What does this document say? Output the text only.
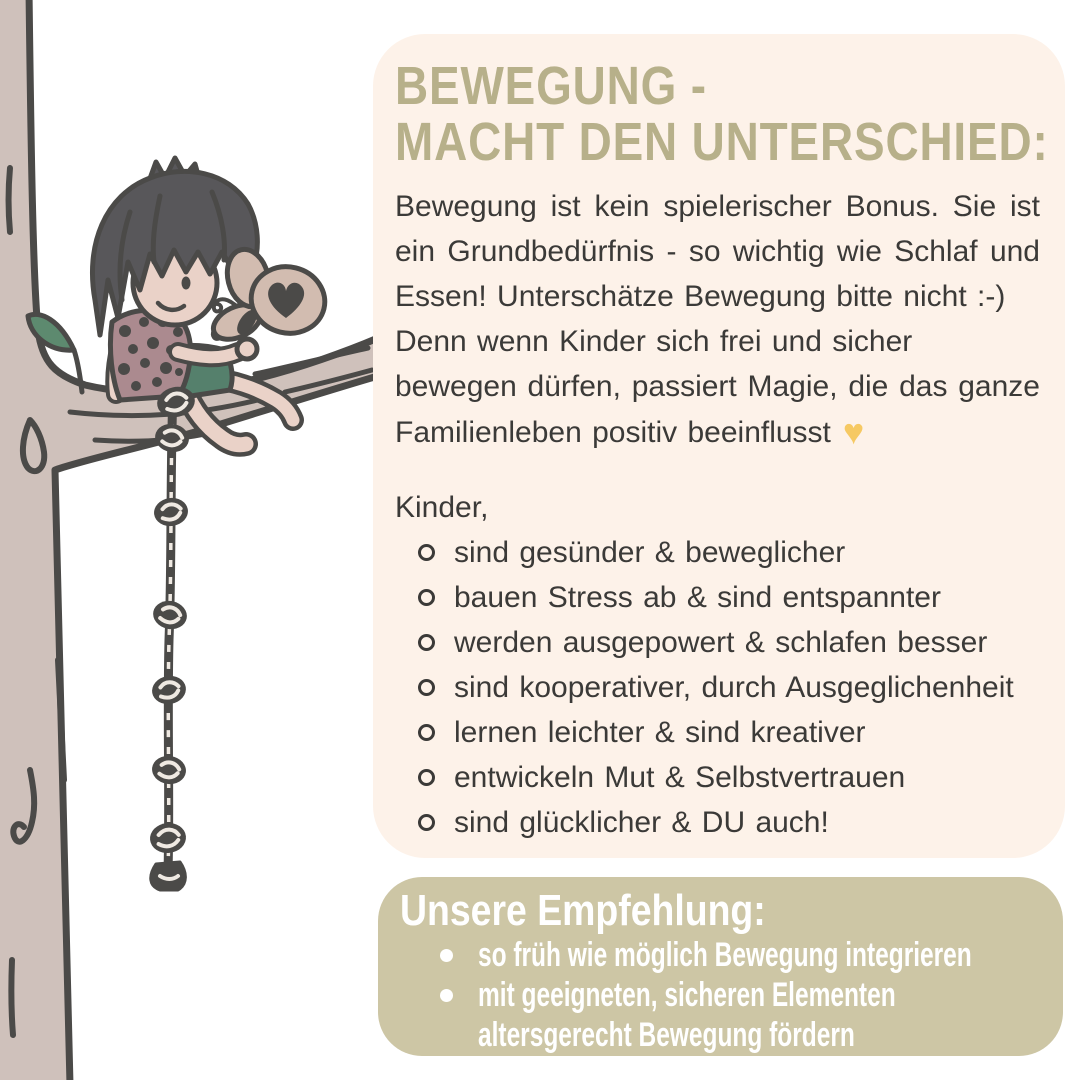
BEWEGUNG -
MACHT DEN UNTERSCHIED:
Bewegung ist kein spielerischer Bonus. Sie ist
ein Grundbedürfnis - so wichtig wie Schlaf und
Essen! Unterschätze Bewegung bitte nicht :-)
Denn wenn Kinder sich frei und sicher
bewegen dürfen, passiert Magie, die das ganze
Familienleben positiv beeinflusst ♥
Kinder,
sind gesünder & beweglicher
bauen Stress ab & sind entspannter
werden ausgepowert & schlafen besser
sind kooperativer, durch Ausgeglichenheit
lernen leichter & sind kreativer
entwickeln Mut & Selbstvertrauen
sind glücklicher & DU auch!
Unsere Empfehlung:
so früh wie möglich Bewegung integrieren
mit geeigneten, sicheren Elementen
altersgerecht Bewegung fördern
